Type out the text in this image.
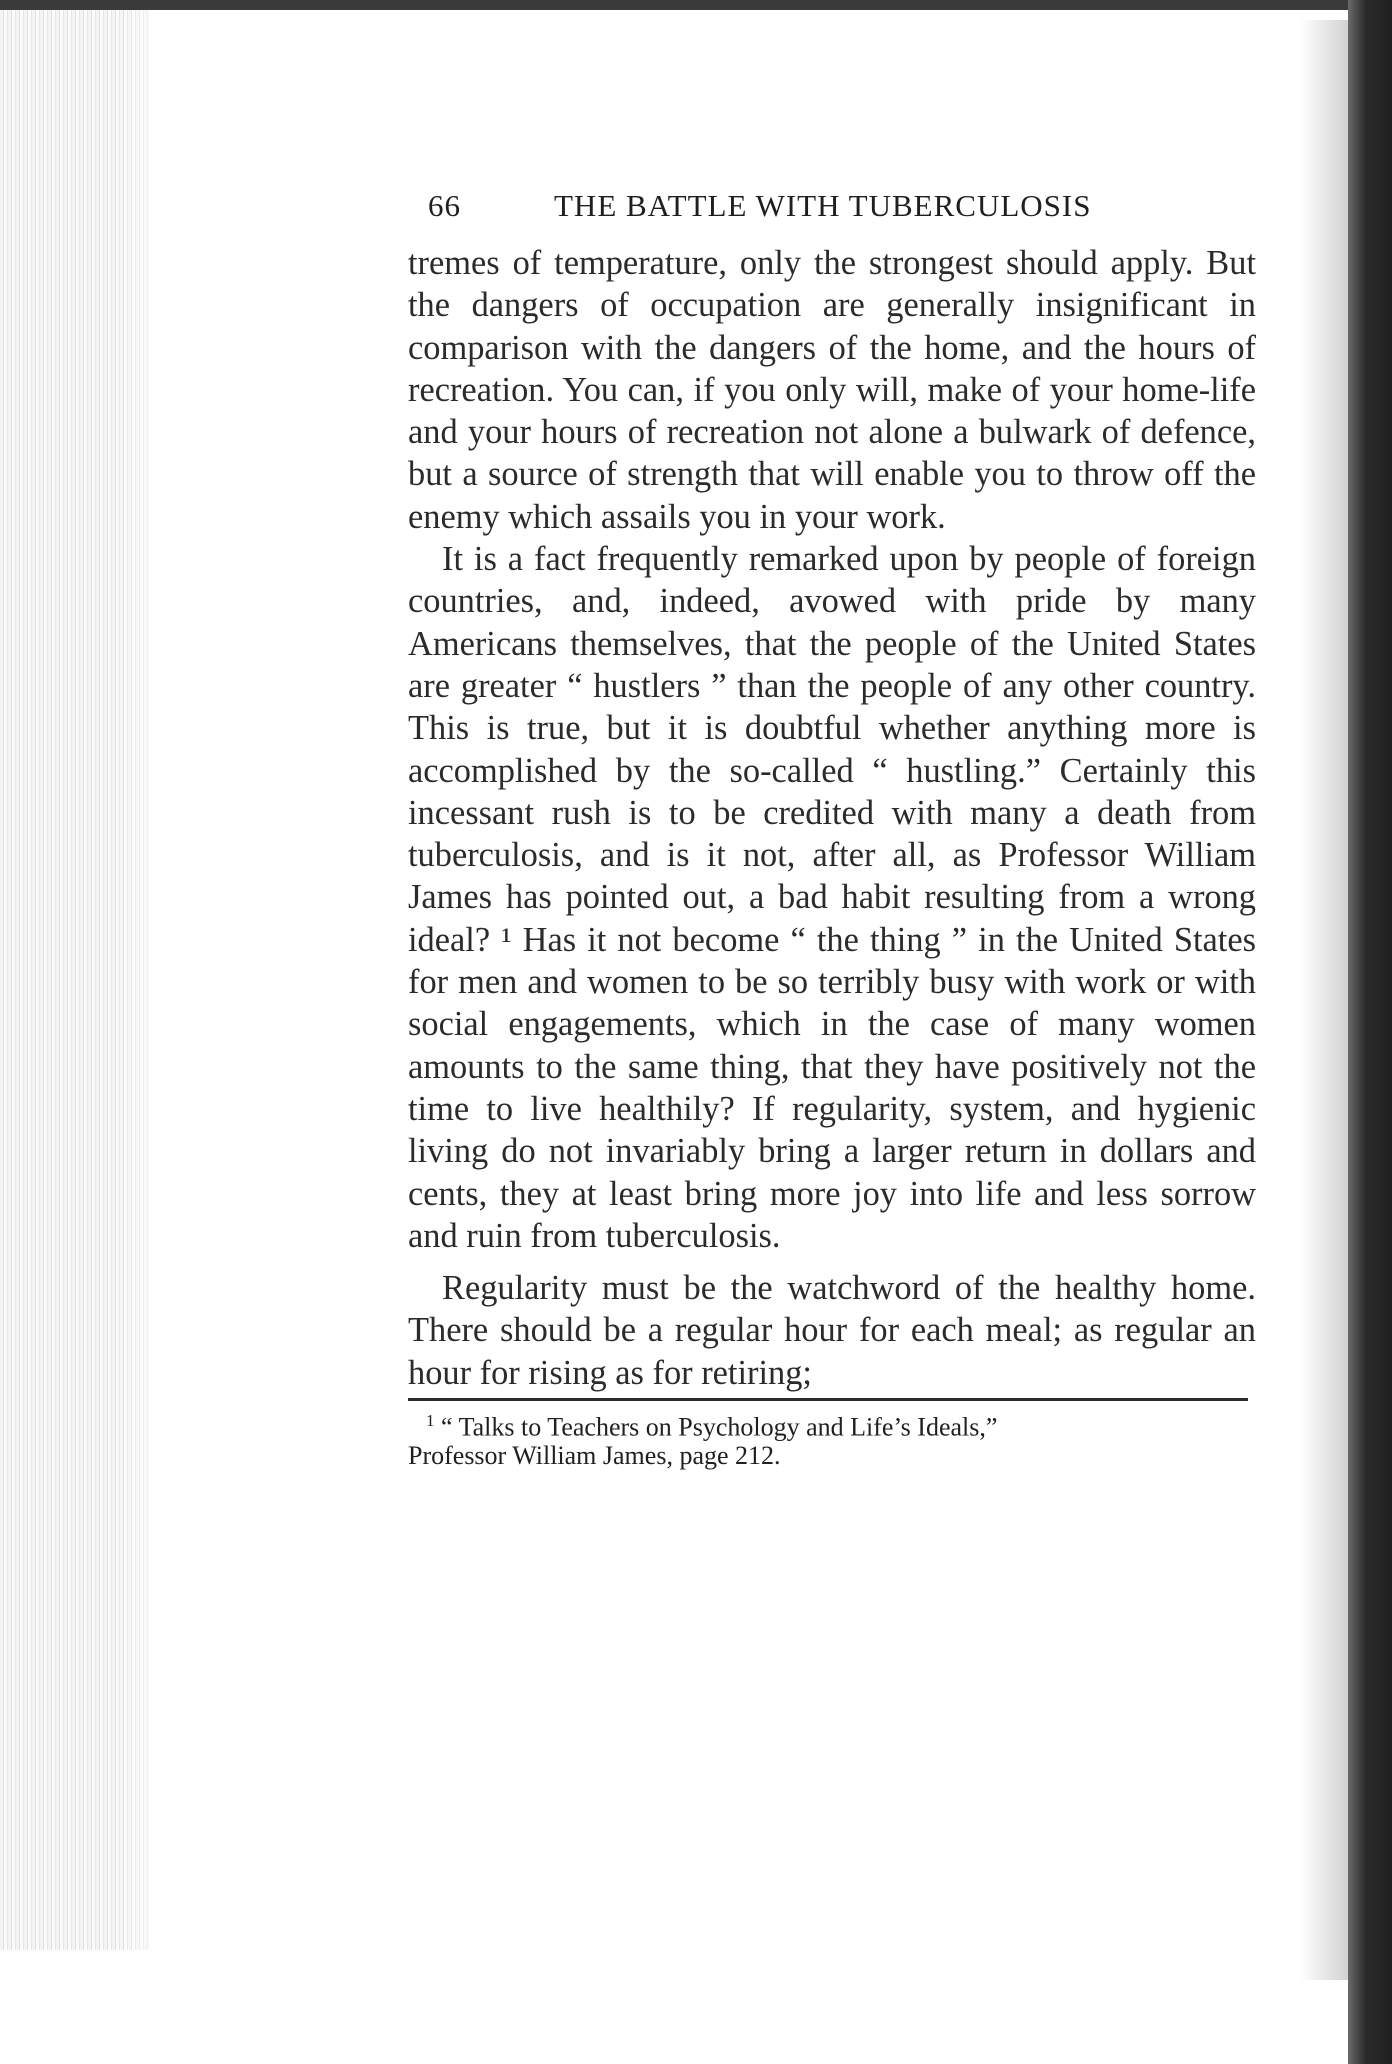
66	THE BATTLE WITH TUBERCULOSIS

tremes of temperature, only the strongest should apply. But the dangers of occupation are generally insignificant in comparison with the dangers of the home, and the hours of recreation. You can, if you only will, make of your home-life and your hours of recreation not alone a bulwark of defence, but a source of strength that will enable you to throw off the enemy which assails you in your work.

It is a fact frequently remarked upon by people of foreign countries, and, indeed, avowed with pride by many Americans themselves, that the people of the United States are greater “ hustlers ” than the people of any other country. This is true, but it is doubtful whether anything more is accomplished by the so-called “ hustling.” Certainly this incessant rush is to be credited with many a death from tuberculosis, and is it not, after all, as Professor William James has pointed out, a bad habit resulting from a wrong ideal? ¹ Has it not become “ the thing ” in the United States for men and women to be so terribly busy with work or with social engagements, which in the case of many women amounts to the same thing, that they have positively not the time to live healthily? If regularity, system, and hygienic living do not invariably bring a larger return in dollars and cents, they at least bring more joy into life and less sorrow and ruin from tuberculosis.

Regularity must be the watchword of the healthy home. There should be a regular hour for each meal; as regular an hour for rising as for retiring;

$^1$ “ Talks to Teachers on Psychology and Life’s Ideals,”
Professor William James, page 212.
